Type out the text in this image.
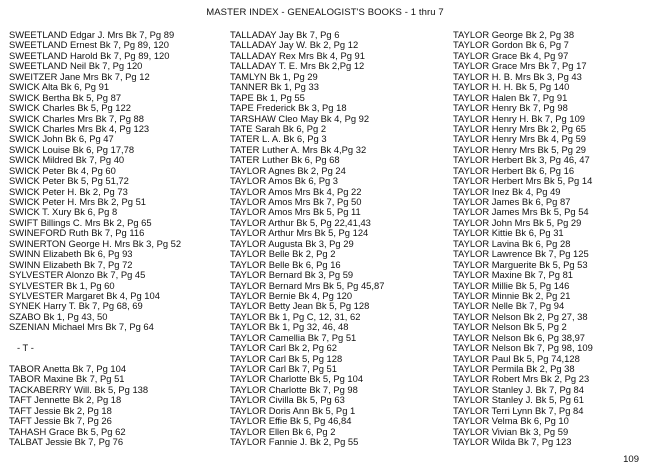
MASTER INDEX - GENEALOGIST'S BOOKS - 1 thru 7
SWEETLAND Edgar J. Mrs Bk 7, Pg 89
SWEETLAND Ernest Bk 7, Pg 89, 120
SWEETLAND Harold Bk 7, Pg 89, 120
SWEETLAND Neil Bk 7, Pg 120
SWEITZER Jane Mrs Bk 7, Pg 12
SWICK Alta Bk 6, Pg 91
SWICK Bertha Bk 5, Pg 87
SWICK Charles Bk 5, Pg 122
SWICK Charles Mrs Bk 7, Pg 88
SWICK Charles Mrs Bk 4, Pg 123
SWICK John Bk 6, Pg 47
SWICK Louise Bk 6, Pg 17,78
SWICK Mildred Bk 7, Pg 40
SWICK Peter Bk 4, Pg 60
SWICK Peter Bk 5, Pg 51,72
SWICK Peter H. Bk 2, Pg 73
SWICK Peter H. Mrs Bk 2, Pg 51
SWICK T. Xury Bk 6, Pg 8
SWIFT Billings C. Mrs Bk 2, Pg 65
SWINEFORD Ruth Bk 7, Pg 116
SWINERTON George H. Mrs Bk 3, Pg 52
SWINN Elizabeth Bk 6, Pg 93
SWINN Elizabeth Bk 7, Pg 72
SYLVESTER Alonzo Bk 7, Pg 45
SYLVESTER Bk 1, Pg 60
SYLVESTER Margaret Bk 4, Pg 104
SYNEK Harry T. Bk 7, Pg 68, 69
SZABO Bk 1, Pg 43, 50
SZENIAN Michael Mrs Bk 7, Pg 64
- T -
TABOR Anetta Bk 7, Pg 104
TABOR Maxine Bk 7, Pg 51
TACKABERRY Will. Bk 5, Pg 138
TAFT Jennette Bk 2, Pg 18
TAFT Jessie Bk 2, Pg 18
TAFT Jessie Bk 7, Pg 26
TAHASH Grace Bk 5, Pg 62
TALBAT Jessie Bk 7, Pg 76
TALLADAY Jay Bk 7, Pg 6
TALLADAY Jay W. Bk 2, Pg 12
TALLADAY Rex Mrs Bk 4, Pg 91
TALLADAY T. E. Mrs Bk 2,Pg 12
TAMLYN Bk 1, Pg 29
TANNER Bk 1, Pg 33
TAPE Bk 1, Pg 55
TAPE Frederick Bk 3, Pg 18
TARSHAW Cleo May Bk 4, Pg 92
TATE Sarah Bk 6, Pg 2
TATER L. A. Bk 6, Pg 3
TATER Luther A. Mrs Bk 4,Pg 32
TATER Luther Bk 6, Pg 68
TAYLOR Agnes Bk 2, Pg 24
TAYLOR Amos Bk 6, Pg 3
TAYLOR Amos Mrs Bk 4, Pg 22
TAYLOR Amos Mrs Bk 7, Pg 50
TAYLOR Amos Mrs Bk 5, Pg 11
TAYLOR Arthur Bk 5, Pg 22,41,43
TAYLOR Arthur Mrs Bk 5, Pg 124
TAYLOR Augusta Bk 3, Pg 29
TAYLOR Belle Bk 2, Pg 2
TAYLOR Belle Bk 6, Pg 16
TAYLOR Bernard Bk 3, Pg 59
TAYLOR Bernard Mrs Bk 5, Pg 45,87
TAYLOR Bernie Bk 4, Pg 120
TAYLOR Betty Jean Bk 5, Pg 128
TAYLOR Bk 1, Pg C, 12, 31, 62
TAYLOR Bk 1, Pg 32, 46, 48
TAYLOR Camellia Bk 7, Pg 51
TAYLOR Carl Bk 2, Pg 62
TAYLOR Carl Bk 5, Pg 128
TAYLOR Carl Bk 7, Pg 51
TAYLOR Charlotte Bk 5, Pg 104
TAYLOR Charlotte Bk 7, Pg 98
TAYLOR Civilla Bk 5, Pg 63
TAYLOR Doris Ann Bk 5, Pg 1
TAYLOR Effie Bk 5, Pg 46,84
TAYLOR Ellen Bk 6, Pg 2
TAYLOR Fannie J. Bk 2, Pg 55
TAYLOR George Bk 2, Pg 38
TAYLOR Gordon Bk 6, Pg 7
TAYLOR Grace Bk 4, Pg 97
TAYLOR Grace Mrs Bk 7, Pg 17
TAYLOR H. B. Mrs Bk 3, Pg 43
TAYLOR H. H. Bk 5, Pg 140
TAYLOR Halen Bk 7, Pg 91
TAYLOR Henry Bk 7, Pg 98
TAYLOR Henry H. Bk 7, Pg 109
TAYLOR Henry Mrs Bk 2, Pg 65
TAYLOR Henry Mrs Bk 4, Pg 59
TAYLOR Henry Mrs Bk 5, Pg 29
TAYLOR Herbert Bk 3, Pg 46, 47
TAYLOR Herbert Bk 6, Pg 16
TAYLOR Herbert Mrs Bk 5, Pg 14
TAYLOR Inez Bk 4, Pg 49
TAYLOR James Bk 6, Pg 87
TAYLOR James Mrs Bk 5, Pg 54
TAYLOR John Mrs Bk 5, Pg 29
TAYLOR Kittie Bk 6, Pg 31
TAYLOR Lavina Bk 6, Pg 28
TAYLOR Lawrence Bk 7, Pg 125
TAYLOR Marguerite Bk 5, Pg 53
TAYLOR Maxine Bk 7, Pg 81
TAYLOR Millie Bk 5, Pg 146
TAYLOR Minnie Bk 2, Pg 21
TAYLOR Nelle Bk 7, Pg 94
TAYLOR Nelson Bk 2, Pg 27, 38
TAYLOR Nelson Bk 5, Pg 2
TAYLOR Nelson Bk 6, Pg 38,97
TAYLOR Nelson Bk 7, Pg 98, 109
TAYLOR Paul Bk 5, Pg 74,128
TAYLOR Permila Bk 2, Pg 38
TAYLOR Robert Mrs Bk 2, Pg 23
TAYLOR Stanley J. Bk 7, Pg 84
TAYLOR Stanley J. Bk 5, Pg 61
TAYLOR Terri Lynn Bk 7, Pg 84
TAYLOR Velma Bk 6, Pg 10
TAYLOR Vivian Bk 3, Pg 59
TAYLOR Wilda Bk 7, Pg 123
109
